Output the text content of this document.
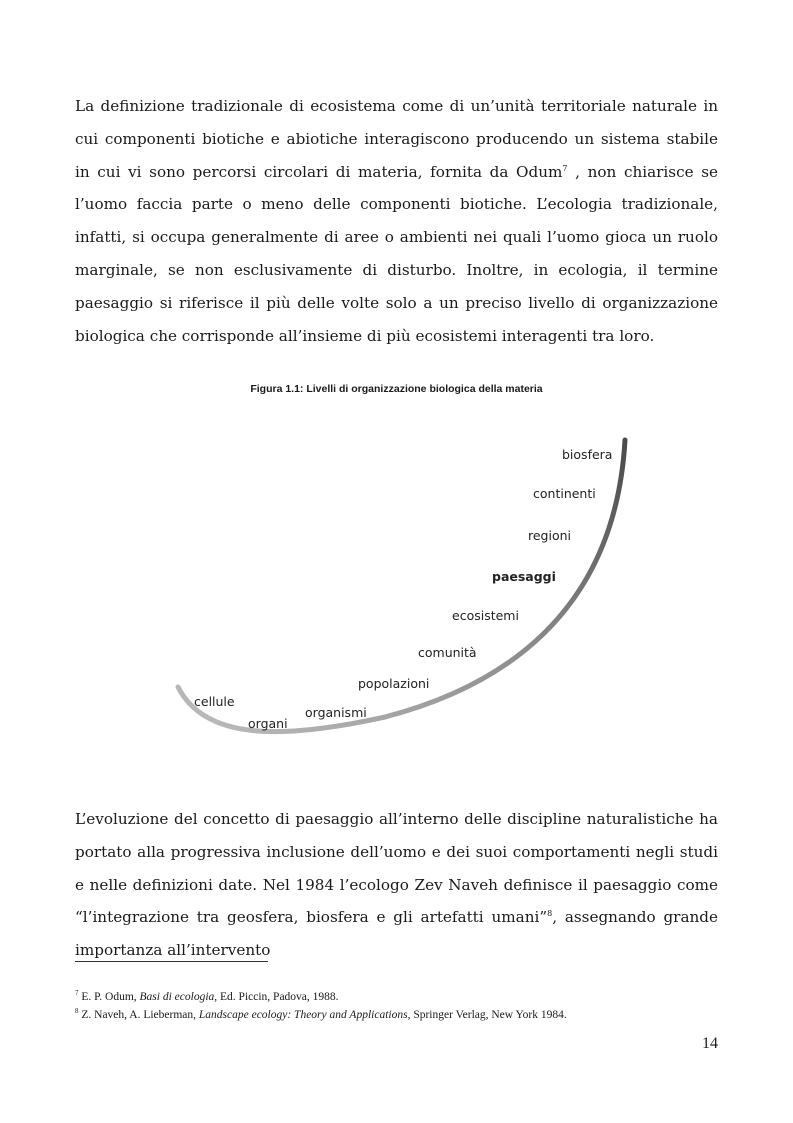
La definizione tradizionale di ecosistema come di un’unità territoriale naturale in cui componenti biotiche e abiotiche interagiscono producendo un sistema stabile in cui vi sono percorsi circolari di materia, fornita da Odum$^7$ , non chiarisce se l’uomo faccia parte o meno delle componenti biotiche. L’ecologia tradizionale, infatti, si occupa generalmente di aree o ambienti nei quali l’uomo gioca un ruolo marginale, se non esclusivamente di disturbo. Inoltre, in ecologia, il termine paesaggio si riferisce il più delle volte solo a un preciso livello di organizzazione biologica che corrisponde all’insieme di più ecosistemi interagenti tra loro.

Figura 1.1: Livelli di organizzazione biologica della materia
cellule
organi
organismi
popolazioni
comunità
ecosistemi
paesaggi
regioni
continenti
biosfera

L’evoluzione del concetto di paesaggio all’interno delle discipline naturalistiche ha portato alla progressiva inclusione dell’uomo e dei suoi comportamenti negli studi e nelle definizioni date. Nel 1984 l’ecologo Zev Naveh definisce il paesaggio come “l’integrazione tra geosfera, biosfera e gli artefatti umani”$^8$, assegnando grande importanza all’intervento

$^7$ E. P. Odum, Basi di ecologia, Ed. Piccin, Padova, 1988.
$^8$ Z. Naveh, A. Lieberman, Landscape ecology: Theory and Applications, Springer Verlag, New York 1984.
14
